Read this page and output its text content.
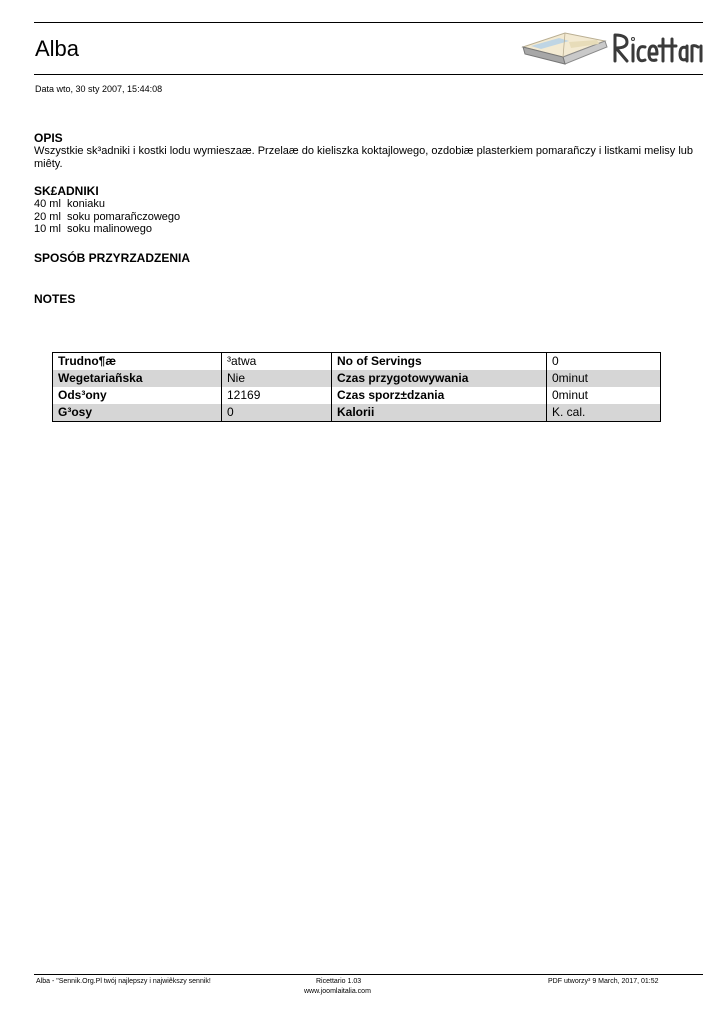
Alba
Data wto, 30 sty 2007, 15:44:08
OPIS

Wszystkie sk³adniki i kostki lodu wymieszaæ. Przelaæ do kieliszka koktajlowego, ozdobiæ plasterkiem pomarañczy i listkami melisy lub miêty.

SK£ADNIKI
40 ml koniaku
20 ml soku pomarañczowego
10 ml soku malinowego
SPOSÓB PRZYRZADZENIA
NOTES
Trudno¶æ	³atwa	No of Servings	0
Wegetariañska	Nie	Czas przygotowywania	0minut
Ods³ony	12169	Czas sporz±dzania	0minut
G³osy	0	Kalorii	K. cal.
Alba - "Sennik.Org.Pl twój najlepszy i najwiêkszy sennik!	Ricettario 1.03
www.joomlaitalia.com
PDF utworzy³ 9 March, 2017, 01:52
